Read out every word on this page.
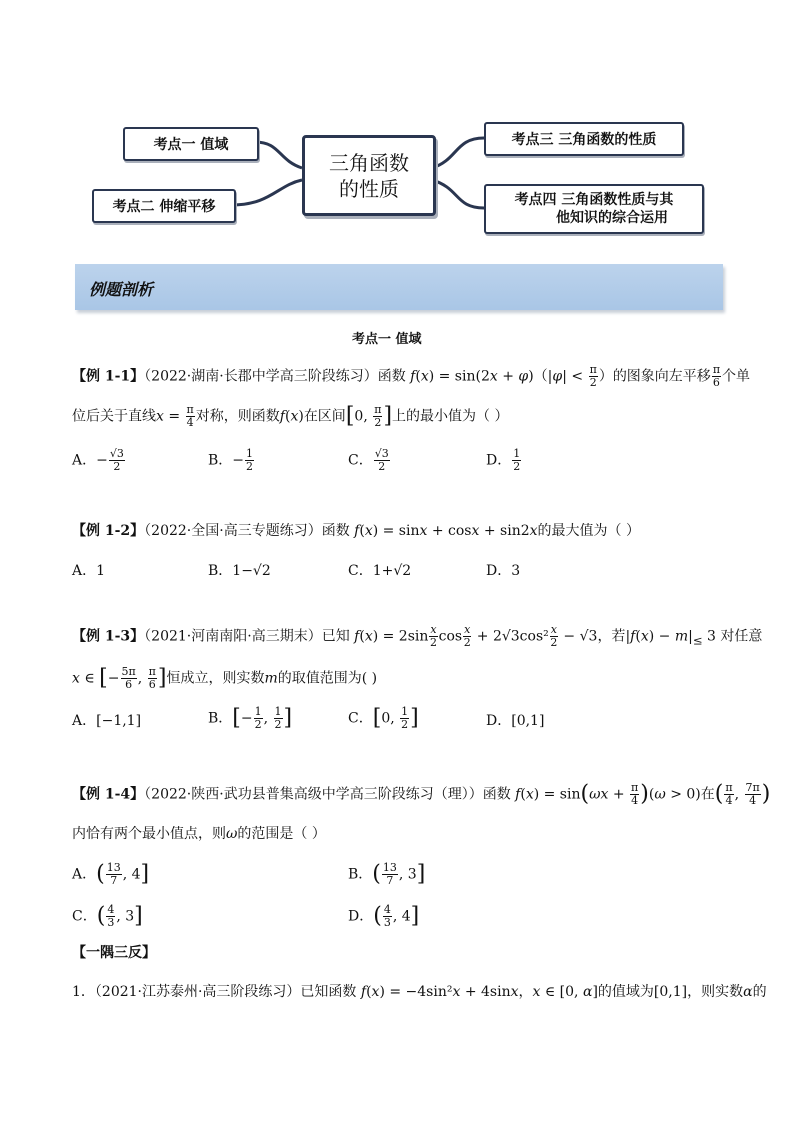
考点一 值域
考点二 伸缩平移
三角函数
的性质
考点三 三角函数的性质
考点四 三角函数性质与其
他知识的综合运用
例题剖析
考点一 值域
【例 1-1】（2022·湖南·长郡中学高三阶段练习）函数 $f(x) = \sin(2x + \varphi)(|\varphi| < \frac{\pi}{2}$ ）的图象向左平移 $\frac{\pi}{6}$ 个单
位后关于直线$x = \frac{\pi}{4}$ 对称，则函数f(x)在区间[0, $\frac{\pi}{2}$ ]上的最小值为（ ）
A．− $\frac{√3}{2}$	B．− $\frac{1}{2}$	C． $\frac{√3}{2}$	D． $\frac{1}{2}$
【例 1-2】（2022·全国·高三专题练习）函数 f(x) = sinx + cosx + sin2x的最大值为（ ）
A．1	B．1−√2	C．1+√2	D．3
【例 1-3】（2021·河南南阳·高三期末）已知 $f(x) = 2\sin \frac{x}{2}$ $\cos \frac{x}{2} + 2√3\cos^2 \frac{x}{2} - √3$，若$|f(x) - m|_\le$ 3 对任意
x ∈ [− $\frac{5\pi}{6}$ , $\frac{\pi}{6}$ ]恒成立，则实数m的取值范围为( )
A．[−1,1]	B．[− $\frac{1}{2}$ , $\frac{1}{2}$ ]	C．[0, $\frac{1}{2}$ ]	D．[0,1]
【例 1-4】（2022·陕西·武功县普集高级中学高三阶段练习（理））函数 $f(x) = \sin(\omega x + \frac{\pi}{4} )(\omega > 0)$在( $\frac{\pi}{4}$ , $\frac{7\pi}{4}$ )
内恰有两个最小值点，则ω的范围是（ ）
A．( $\frac{13}{7}$ , 4]	B．( $\frac{13}{7}$ , 3]
C．( $\frac{4}{3}$ , 3]	D．( $\frac{4}{3}$ , 4]
【一隅三反】
1．（2021·江苏泰州·高三阶段练习）已知函数 f(x) = −4sin²x + 4sinx，x ∈ [0, α]的值域为[0,1]，则实数α的
